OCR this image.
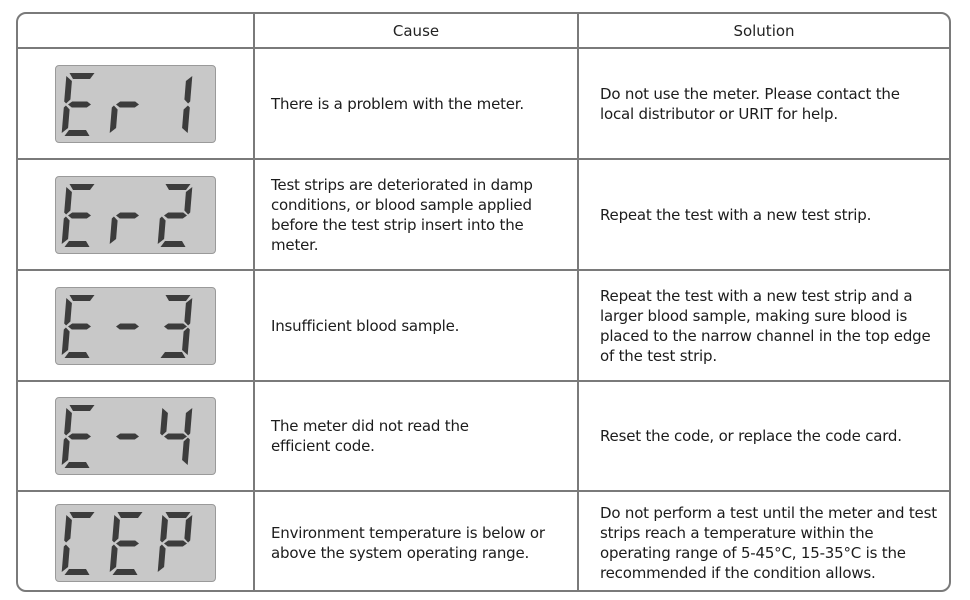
Cause	Solution
There is a problem with the meter.
Do not use the meter. Please contact the local distributor or URIT for help.
Test strips are deteriorated in damp conditions, or blood sample applied before the test strip insert into the meter.
Repeat the test with a new test strip.
Insufficient blood sample.
Repeat the test with a new test strip and a larger blood sample, making sure blood is placed to the narrow channel in the top edge of the test strip.
The meter did not read the efficient code.
Reset the code, or replace the code card.
Environment temperature is below or above the system operating range.
Do not perform a test until the meter and test strips reach a temperature within the operating range of 5-45°C, 15-35°C is the recommended if the condition allows.
